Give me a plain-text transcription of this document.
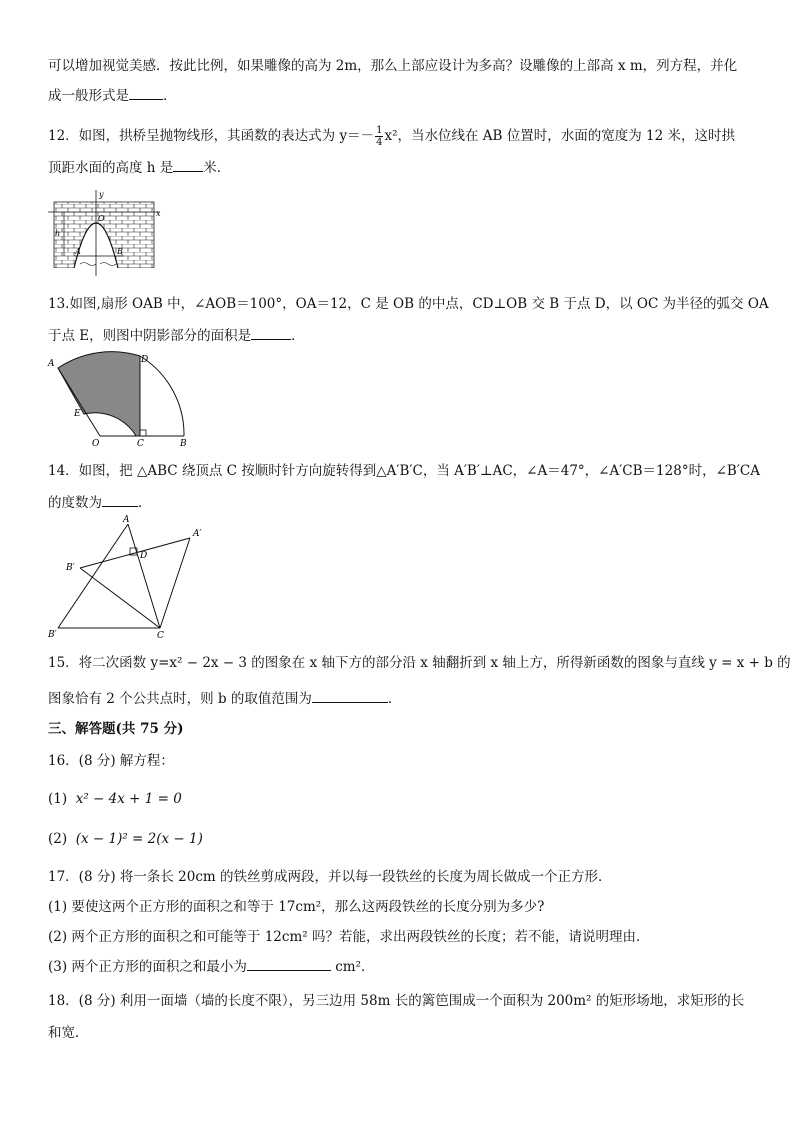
可以增加视觉美感．按此比例，如果雕像的高为 2m，那么上部应设计为多高？设雕像的上部高 x m，列方程，并化
成一般形式是	．
12．如图，拱桥呈抛物线形，其函数的表达式为 $y=- \frac{1}{4} x^2$，当水位线在 AB 位置时，水面的宽度为 12 米，这时拱
顶距水面的高度 h 是 米．
y
x
O
h
A	B
13.如图,扇形 OAB 中，∠AOB＝100°，OA＝12，C 是 OB 的中点，CD⊥OB 交 B 于点 D，以 OC 为半径的弧交 OA
于点 E，则图中阴影部分的面积是	．
A	D
E
O	C	B
14．如图，把 △ABC 绕顶点 C 按顺时针方向旋转得到△A′B′C，当 A′B′⊥AC，∠A＝47°，∠A′CB＝128°时，∠B′CA
的度数为	．
A
A′
B′
D
B′	C
15．将二次函数 y=x² − 2x − 3 的图象在 x 轴下方的部分沿 x 轴翻折到 x 轴上方，所得新函数的图象与直线 y = x + b 的
图象恰有 2 个公共点时，则 b 的取值范围为	．
三、解答题(共 75 分)
16．(8 分) 解方程：
(1) x² − 4x + 1 = 0
(2) (x − 1)² = 2(x − 1)
17．(8 分) 将一条长 20cm 的铁丝剪成两段，并以每一段铁丝的长度为周长做成一个正方形．
(1) 要使这两个正方形的面积之和等于 17cm²，那么这两段铁丝的长度分别为多少?
(2) 两个正方形的面积之和可能等于 12cm² 吗？若能，求出两段铁丝的长度；若不能，请说明理由．
(3) 两个正方形的面积之和最小为	cm²．
18．(8 分) 利用一面墙（墙的长度不限），另三边用 58m 长的篱笆围成一个面积为 200m² 的矩形场地，求矩形的长
和宽．
